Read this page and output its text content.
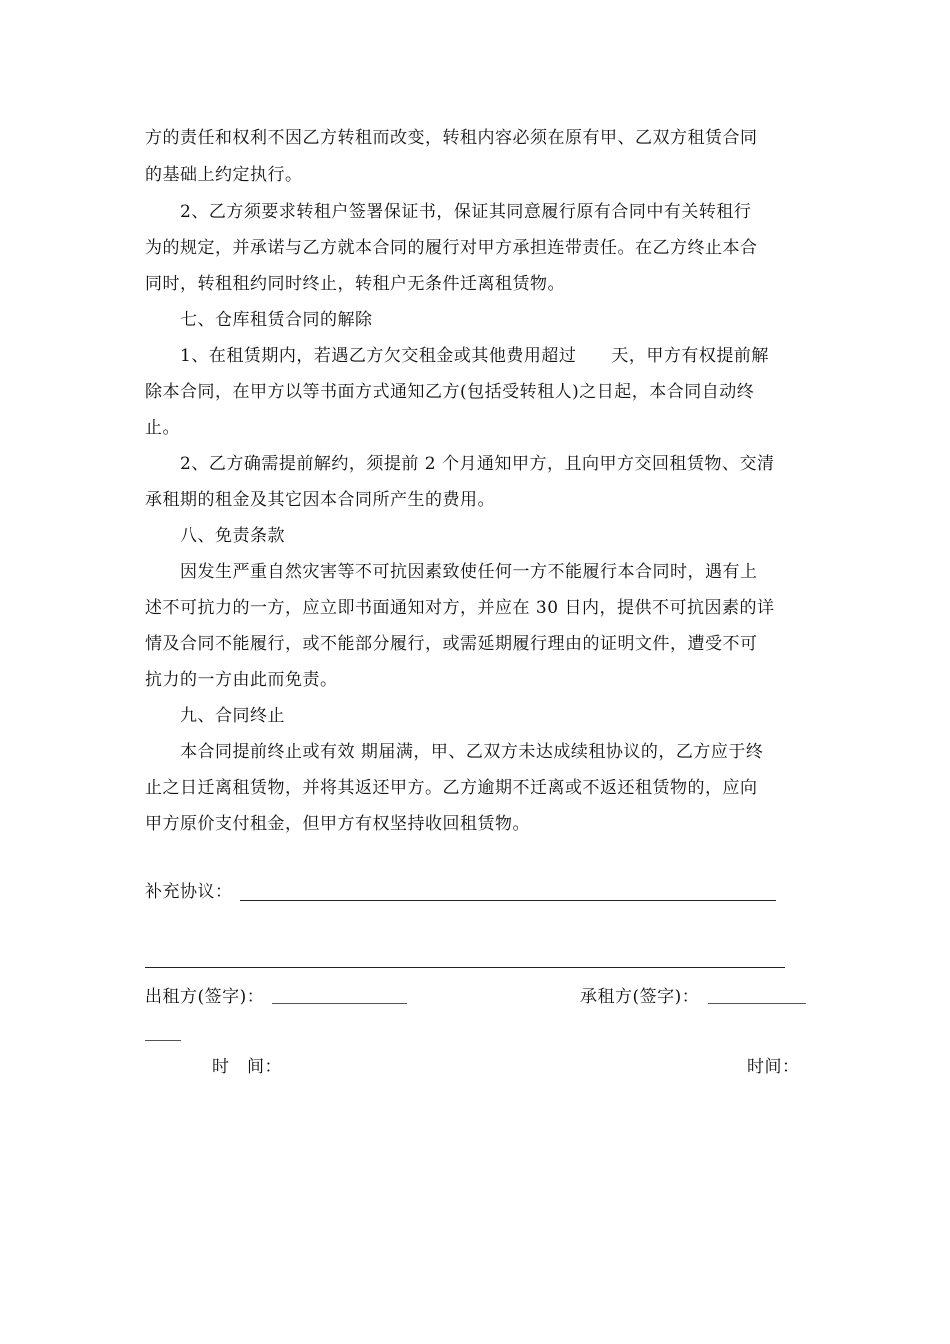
方的责任和权利不因乙方转租而改变，转租内容必须在原有甲、乙双方租赁合同
的基础上约定执行。
2、乙方须要求转租户签署保证书，保证其同意履行原有合同中有关转租行
为的规定，并承诺与乙方就本合同的履行对甲方承担连带责任。在乙方终止本合
同时，转租租约同时终止，转租户无条件迁离租赁物。
七、仓库租赁合同的解除
1、在租赁期内，若遇乙方欠交租金或其他费用超过　　天，甲方有权提前解
除本合同，在甲方以等书面方式通知乙方(包括受转租人)之日起，本合同自动终
止。
2、乙方确需提前解约，须提前 2 个月通知甲方，且向甲方交回租赁物、交清
承租期的租金及其它因本合同所产生的费用。
八、免责条款
因发生严重自然灾害等不可抗因素致使任何一方不能履行本合同时，遇有上
述不可抗力的一方，应立即书面通知对方，并应在 30 日内，提供不可抗因素的详
情及合同不能履行，或不能部分履行，或需延期履行理由的证明文件，遭受不可
抗力的一方由此而免责。
九、合同终止
本合同提前终止或有效 期届满，甲、乙双方未达成续租协议的，乙方应于终
止之日迁离租赁物，并将其返还甲方。乙方逾期不迁离或不返还租赁物的，应向
甲方原价支付租金，但甲方有权坚持收回租赁物。
补充协议：
出租方(签字)：	承租方(签字)：
时　间：	时间：
